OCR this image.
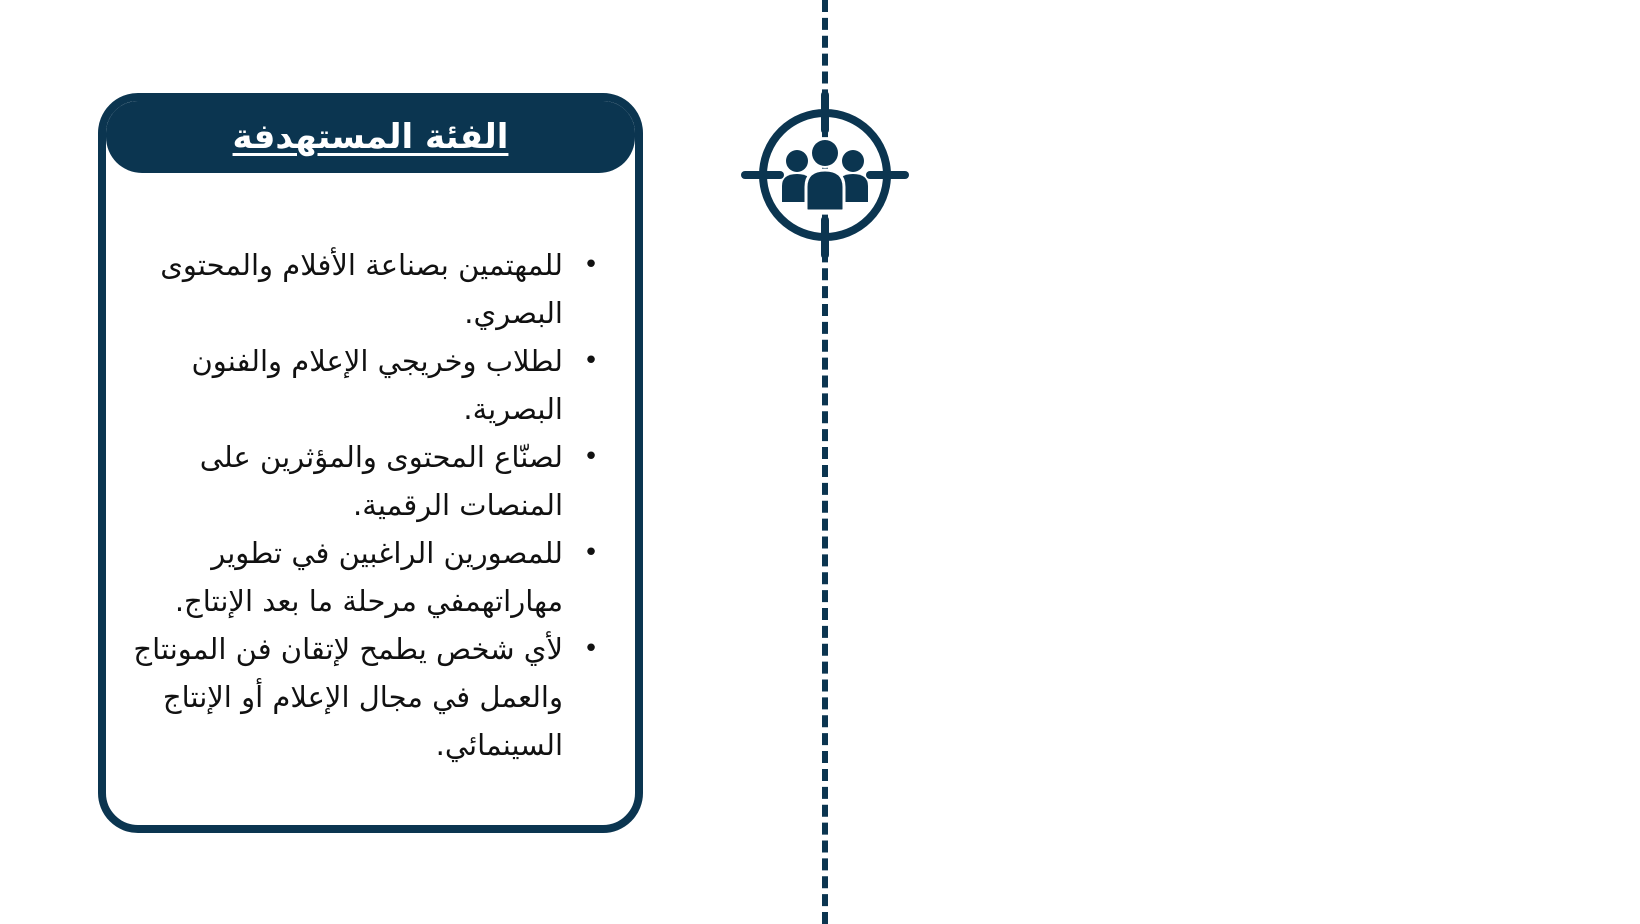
الفئة المستهدفة
•
للمهتمين بصناعة الأفلام والمحتوى البصري.
•
لطلاب وخريجي الإعلام والفنون البصرية.
•
لصنّاع المحتوى والمؤثرين على المنصات الرقمية.
•
للمصورين الراغبين في تطوير مهاراتهمفي مرحلة ما بعد الإنتاج.
•
لأي شخص يطمح لإتقان فن المونتاج والعمل في مجال الإعلام أو الإنتاج السينمائي.
